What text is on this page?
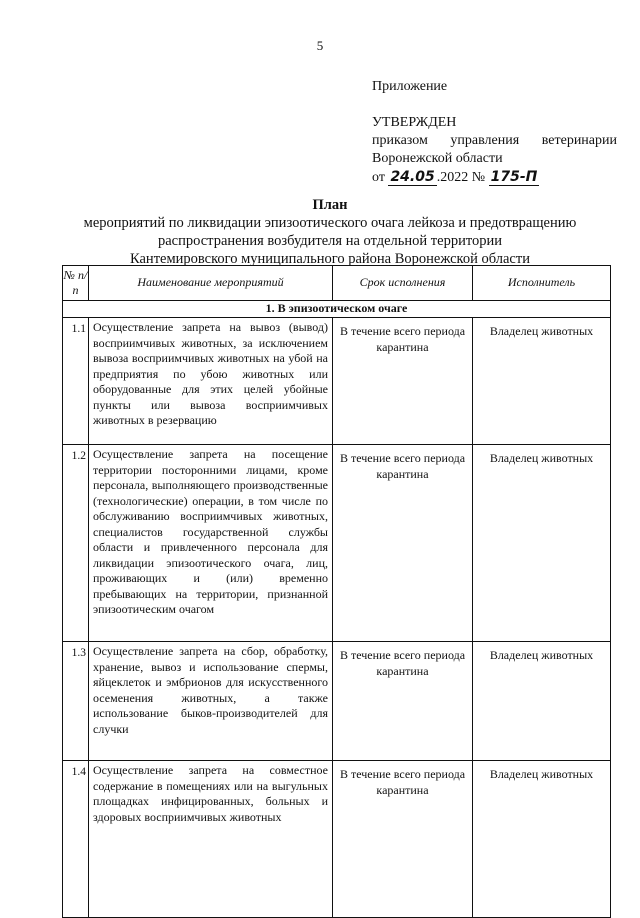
5
Приложение
УТВЕРЖДЕН
приказом управления ветеринарии
Воронежской области
от 24.05 .2022 № 175-П
План
мероприятий по ликвидации эпизоотического очага лейкоза и предотвращению
распространения возбудителя на отдельной территории
Кантемировского муниципального района Воронежской области
№ п/п	Наименование мероприятий	Срок исполнения	Исполнитель
1. В эпизоотическом очаге			
1.1	Осуществление запрета на вывоз (вывод) восприимчивых животных, за исключением вывоза восприимчивых животных на убой на предприятия по убою животных или оборудованные для этих целей убойные пункты или вывоза восприимчивых животных в резервацию	В течение всего периода карантина	Владелец животных
1.2	Осуществление запрета на посещение территории посторонними лицами, кроме персонала, выполняющего производственные (технологические) операции, в том числе по обслуживанию восприимчивых животных, специалистов государственной службы области и привлеченного персонала для ликвидации эпизоотического очага, лиц, проживающих и (или) временно пребывающих на территории, признанной эпизоотическим очагом	В течение всего периода карантина	Владелец животных
1.3	Осуществление запрета на сбор, обработку, хранение, вывоз и использование спермы, яйцеклеток и эмбрионов для искусственного осеменения животных, а также использование быков-производителей для случки	В течение всего периода карантина	Владелец животных
1.4	Осуществление запрета на совместное содержание в помещениях или на выгульных площадках инфицированных, больных и здоровых восприимчивых животных	В течение всего периода карантина	Владелец животных
